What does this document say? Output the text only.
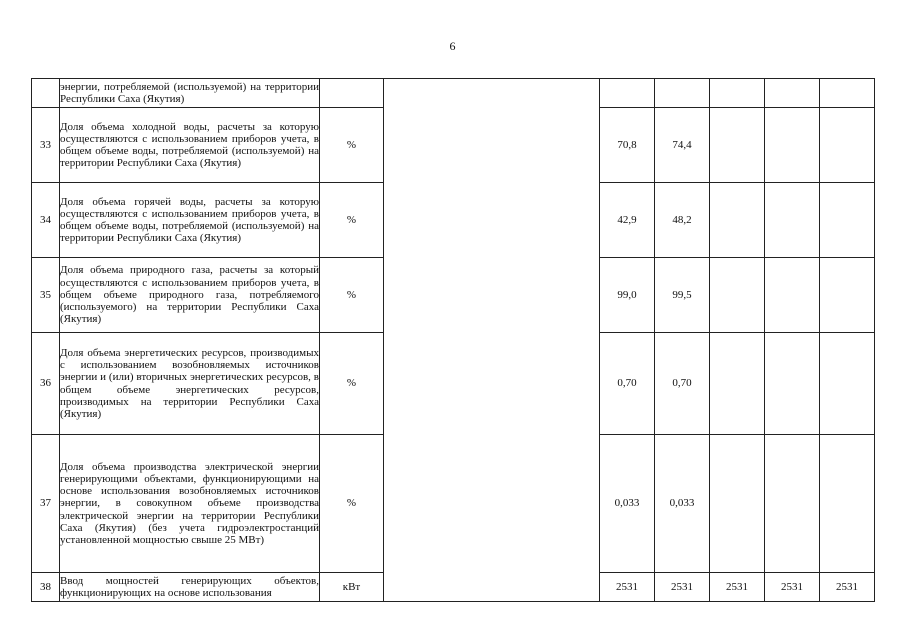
6

	энергии, потребляемой (используемой) на территории Республики Саха (Якутия)							

33	Доля объема холодной воды, расчеты за которую осуществляются с использованием приборов учета, в общем объеме воды, потребляемой (используемой) на территории Республики Саха (Якутия)	%		70,8	74,4			
34	Доля объема горячей воды, расчеты за которую осуществляются с использованием приборов учета, в общем объеме воды, потребляемой (используемой) на территории Республики Саха (Якутия)	%		42,9	48,2			
35	Доля объема природного газа, расчеты за который осуществляются с использованием приборов учета, в общем объеме природного газа, потребляемого (используемого) на территории Республики Саха (Якутия)	%		99,0	99,5			
36	Доля объема энергетических ресурсов, производимых с использованием возобновляемых источников энергии и (или) вторичных энергетических ресурсов, в общем объеме энергетических ресурсов, производимых на территории Республики Саха (Якутия)	%		0,70	0,70			
37	Доля объема производства электрической энергии генерирующими объектами, функционирующими на основе использования возобновляемых источников энергии, в совокупном объеме производства электрической энергии на территории Республики Саха (Якутия) (без учета гидроэлектростанций установленной мощностью свыше 25 МВт)	%		0,033	0,033			
38	Ввод мощностей генерирующих объектов, функционирующих на основе использования	кВт		2531	2531	2531	2531	2531
